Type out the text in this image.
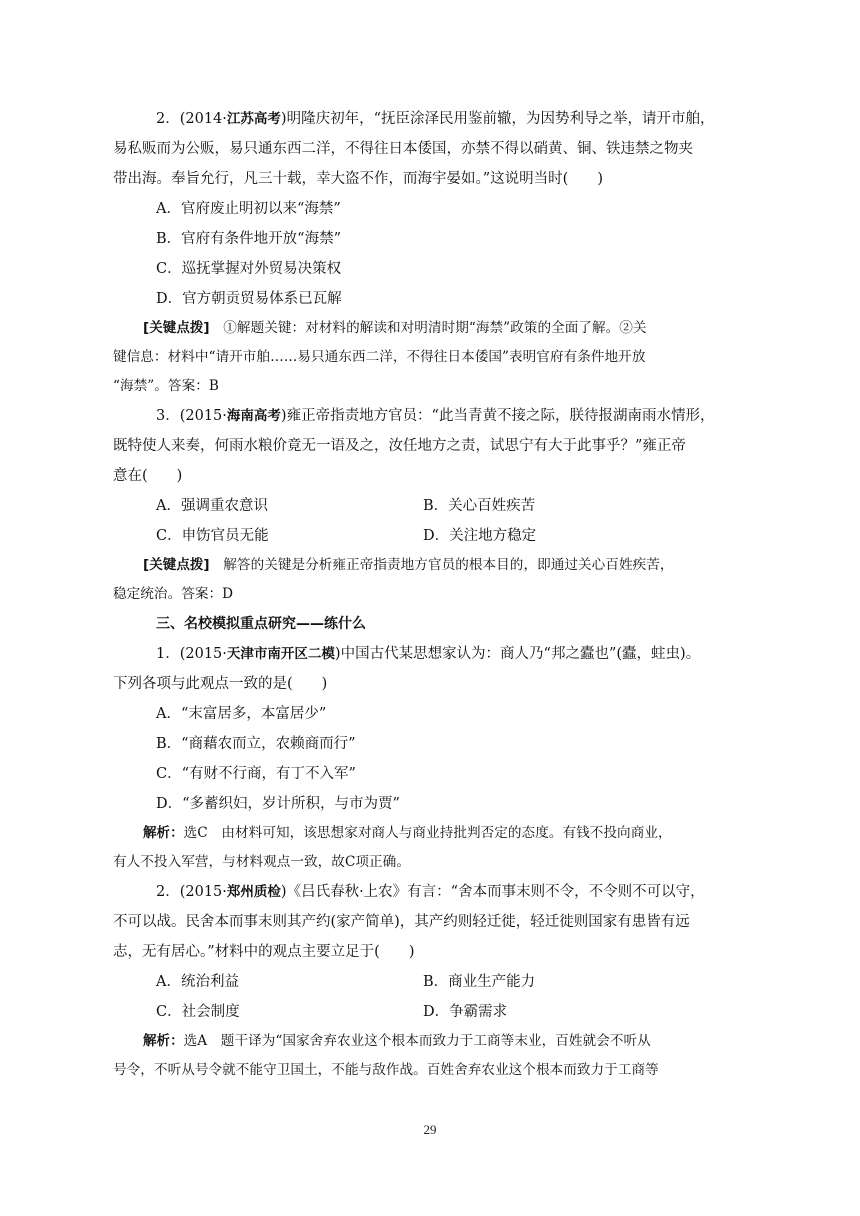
2．(2014·江苏高考)明隆庆初年，“抚臣涂泽民用鉴前辙，为因势利导之举，请开市舶，
易私贩而为公贩，易只通东西二洋，不得往日本倭国，亦禁不得以硝黄、铜、铁违禁之物夹
带出海。奉旨允行，凡三十载，幸大盗不作，而海宇晏如。”这说明当时(　　)
A．官府废止明初以来“海禁”
B．官府有条件地开放“海禁”
C．巡抚掌握对外贸易决策权
D．官方朝贡贸易体系已瓦解
[关键点拨]　①解题关键：对材料的解读和对明清时期“海禁”政策的全面了解。②关
键信息：材料中“请开市舶……易只通东西二洋，不得往日本倭国”表明官府有条件地开放
“海禁”。答案：B
3．(2015·海南高考)雍正帝指责地方官员：“此当青黄不接之际，朕待报湖南雨水情形，
既特使人来奏，何雨水粮价竟无一语及之，汝任地方之责，试思宁有大于此事乎？”雍正帝
意在(　　)
A．强调重农意识	B．关心百姓疾苦
C．申饬官员无能	D．关注地方稳定
[关键点拨]　解答的关键是分析雍正帝指责地方官员的根本目的，即通过关心百姓疾苦，
稳定统治。答案：D
三、名校模拟重点研究——练什么
1．(2015·天津市南开区二模)中国古代某思想家认为：商人乃“邦之蠹也”(蠹，蛀虫)。
下列各项与此观点一致的是(　　)
A．“末富居多，本富居少”
B．“商藉农而立，农赖商而行”
C．“有财不行商，有丁不入军”
D．“多蓄织妇，岁计所积，与市为贾”
解析：选C　由材料可知，该思想家对商人与商业持批判否定的态度。有钱不投向商业，
有人不投入军营，与材料观点一致，故C项正确。
2．(2015·郑州质检)《吕氏春秋·上农》有言：“舍本而事末则不令，不令则不可以守，
不可以战。民舍本而事末则其产约(家产简单)，其产约则轻迁徙，轻迁徙则国家有患皆有远
志，无有居心。”材料中的观点主要立足于(　　)
A．统治利益	B．商业生产能力
C．社会制度	D．争霸需求
解析：选A　题干译为“国家舍弃农业这个根本而致力于工商等末业，百姓就会不听从
号令，不听从号令就不能守卫国土，不能与敌作战。百姓舍弃农业这个根本而致力于工商等
29
